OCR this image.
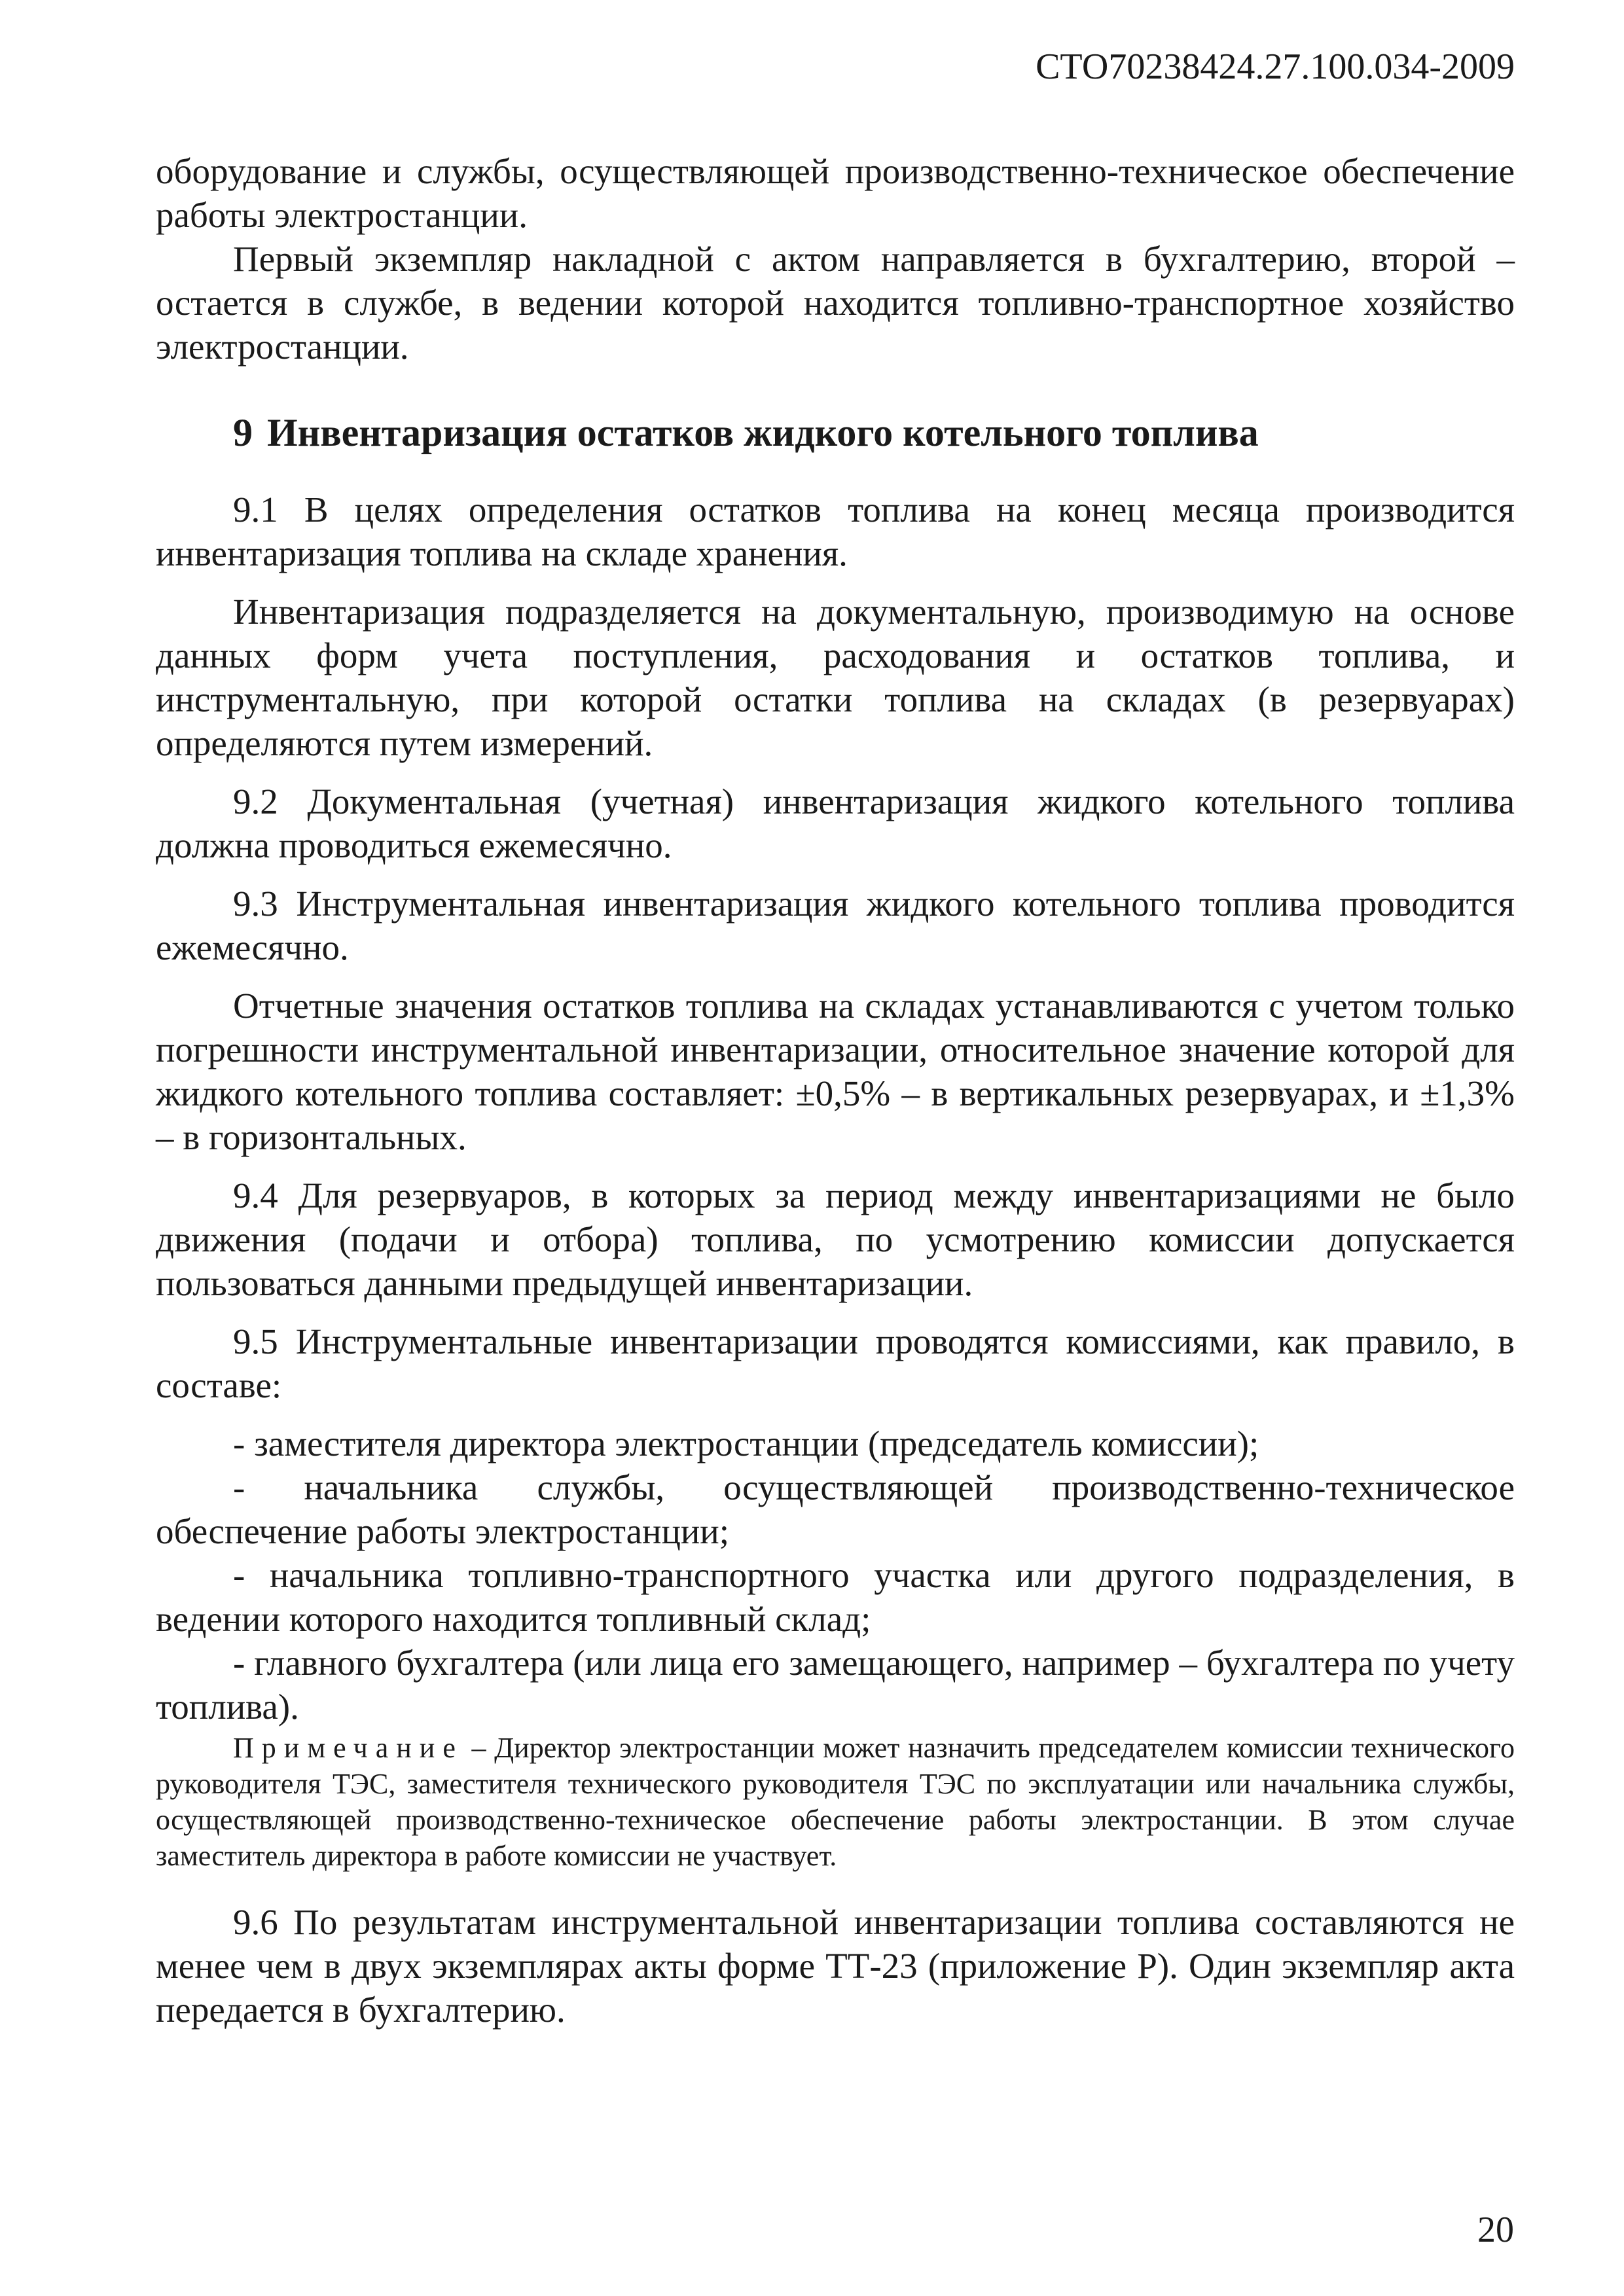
СТО70238424.27.100.034-2009

оборудование и службы, осуществляющей производственно-техническое обеспечение работы электростанции.

Первый экземпляр накладной с актом направляется в бухгалтерию, второй – остается в службе, в ведении которой находится топливно-транспортное хозяйство электростанции.

9 Инвентаризация остатков жидкого котельного топлива

9.1 В целях определения остатков топлива на конец месяца производится инвентаризация топлива на складе хранения.

Инвентаризация подразделяется на документальную, производимую на основе данных форм учета поступления, расходования и остатков топлива, и инструментальную, при которой остатки топлива на складах (в резервуарах) определяются путем измерений.

9.2 Документальная (учетная) инвентаризация жидкого котельного топлива должна проводиться ежемесячно.

9.3 Инструментальная инвентаризация жидкого котельного топлива проводится ежемесячно.

Отчетные значения остатков топлива на складах устанавливаются с учетом только погрешности инструментальной инвентаризации, относительное значение которой для жидкого котельного топлива составляет: ±0,5% – в вертикальных резервуарах, и ±1,3% – в горизонтальных.

9.4 Для резервуаров, в которых за период между инвентаризациями не было движения (подачи и отбора) топлива, по усмотрению комиссии допускается пользоваться данными предыдущей инвентаризации.

9.5 Инструментальные инвентаризации проводятся комиссиями, как правило, в составе:

- заместителя директора электростанции (председатель комиссии);

- начальника службы, осуществляющей производственно-техническое обеспечение работы электростанции;

- начальника топливно-транспортного участка или другого подразделения, в ведении которого находится топливный склад;

- главного бухгалтера (или лица его замещающего, например – бухгалтера по учету топлива).

Примечание – Директор электростанции может назначить председателем комиссии технического руководителя ТЭС, заместителя технического руководителя ТЭС по эксплуатации или начальника службы, осуществляющей производственно-техническое обеспечение работы электростанции. В этом случае заместитель директора в работе комиссии не участвует.

9.6 По результатам инструментальной инвентаризации топлива составляются не менее чем в двух экземплярах акты форме ТТ-23 (приложение Р). Один экземпляр акта передается в бухгалтерию.

20
